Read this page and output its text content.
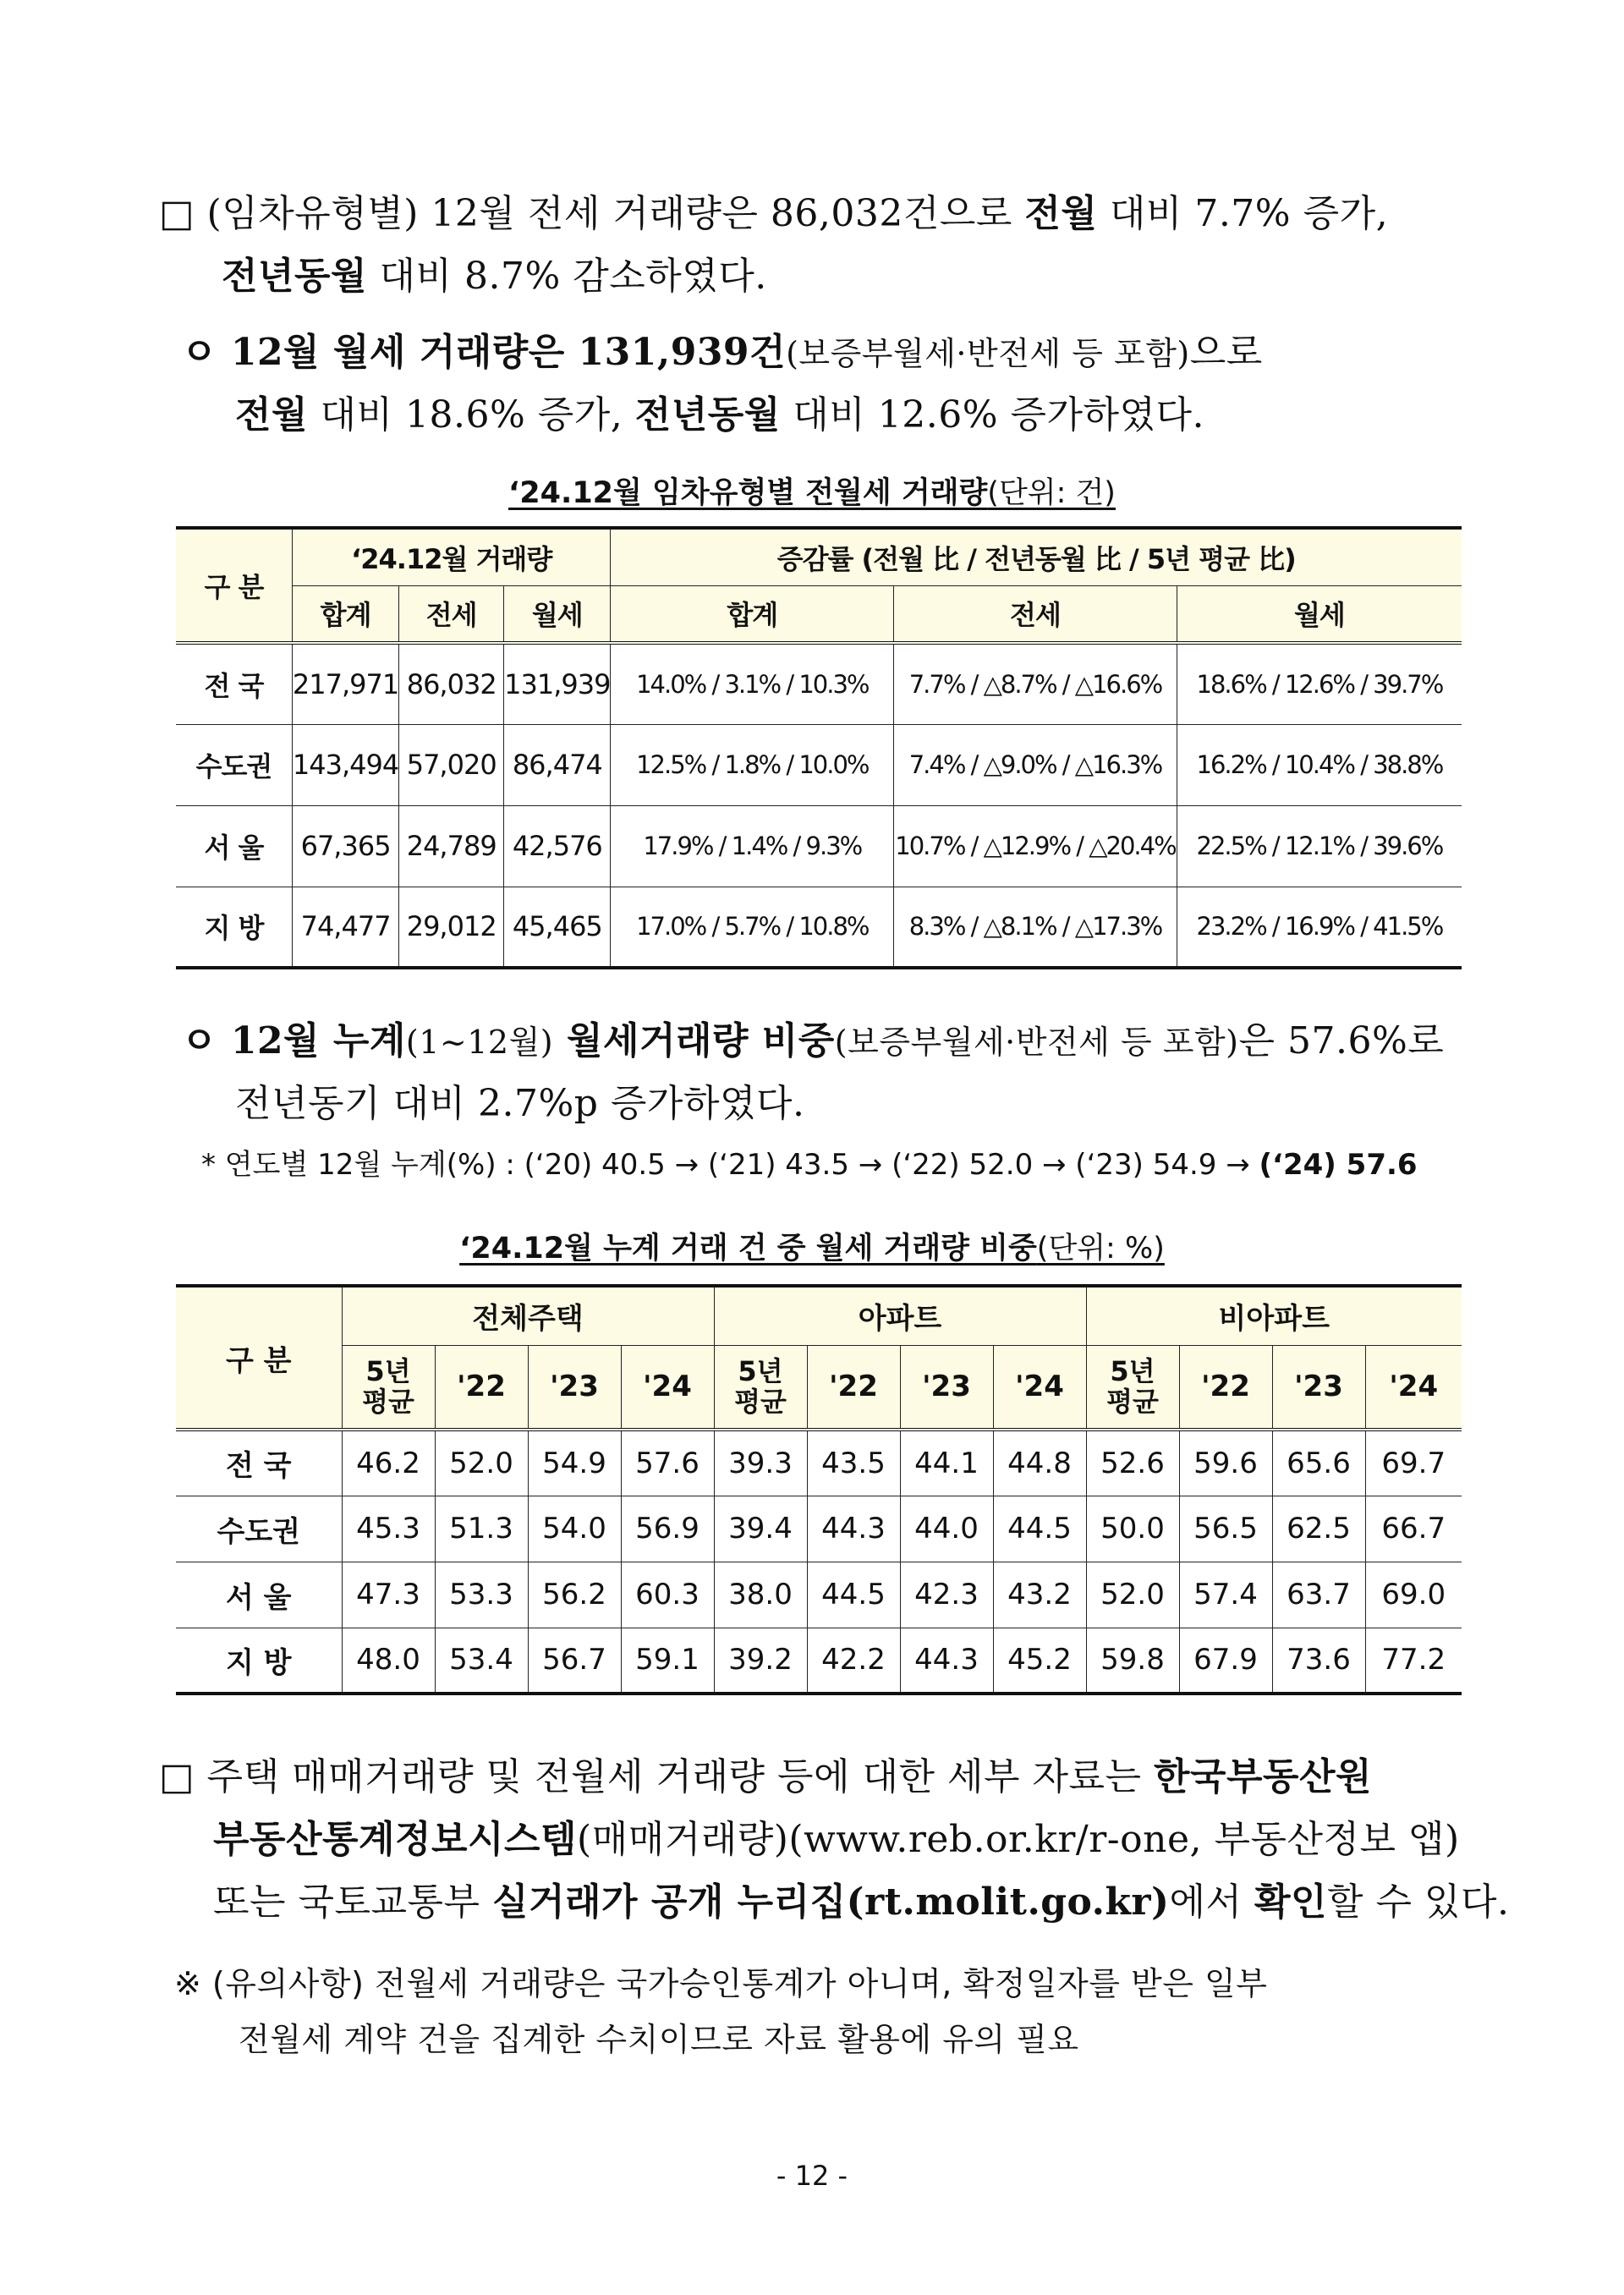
□ (임차유형별) 12월 전세 거래량은 86,032건으로 전월 대비 7.7% 증가,
전년동월 대비 8.7% 감소하였다.
ㅇ 12월 월세 거래량은 131,939건(보증부월세·반전세 등 포함)으로
전월 대비 18.6% 증가, 전년동월 대비 12.6% 증가하였다.
‘24.12월 임차유형별 전월세 거래량(단위: 건)
구 분	‘24.12월 거래량			증감률 (전월 比 / 전년동월 比 / 5년 평균 比)		
	합계	전세	월세	합계	전세	월세
전 국	217,971	86,032	131,939	14.0% / 3.1% / 10.3%	7.7% / △8.7% / △16.6%	18.6% / 12.6% / 39.7%
수도권	143,494	57,020	86,474	12.5% / 1.8% / 10.0%	7.4% / △9.0% / △16.3%	16.2% / 10.4% / 38.8%
서 울	67,365	24,789	42,576	17.9% / 1.4% / 9.3%	10.7% / △12.9% / △20.4%	22.5% / 12.1% / 39.6%
지 방	74,477	29,012	45,465	17.0% / 5.7% / 10.8%	8.3% / △8.1% / △17.3%	23.2% / 16.9% / 41.5%
ㅇ 12월 누계(1~12월) 월세거래량 비중(보증부월세·반전세 등 포함)은 57.6%로
전년동기 대비 2.7%p 증가하였다.
* 연도별 12월 누계(%) : (‘20) 40.5 → (‘21) 43.5 → (‘22) 52.0 → (‘23) 54.9 → (‘24) 57.6
‘24.12월 누계 거래 건 중 월세 거래량 비중(단위: %)
구 분	전체주택				아파트				비아파트			
	5년
평균	'22	'23	'24	5년
평균	'22	'23	'24	5년
평균	'22	'23	'24
전 국	46.2	52.0	54.9	57.6	39.3	43.5	44.1	44.8	52.6	59.6	65.6	69.7
수도권	45.3	51.3	54.0	56.9	39.4	44.3	44.0	44.5	50.0	56.5	62.5	66.7
서 울	47.3	53.3	56.2	60.3	38.0	44.5	42.3	43.2	52.0	57.4	63.7	69.0
지 방	48.0	53.4	56.7	59.1	39.2	42.2	44.3	45.2	59.8	67.9	73.6	77.2
□ 주택 매매거래량 및 전월세 거래량 등에 대한 세부 자료는 한국부동산원
부동산통계정보시스템(매매거래량)(www.reb.or.kr/r-one, 부동산정보 앱)
또는 국토교통부 실거래가 공개 누리집(rt.molit.go.kr)에서 확인할 수 있다.
※ (유의사항) 전월세 거래량은 국가승인통계가 아니며, 확정일자를 받은 일부
전월세 계약 건을 집계한 수치이므로 자료 활용에 유의 필요
- 12 -
